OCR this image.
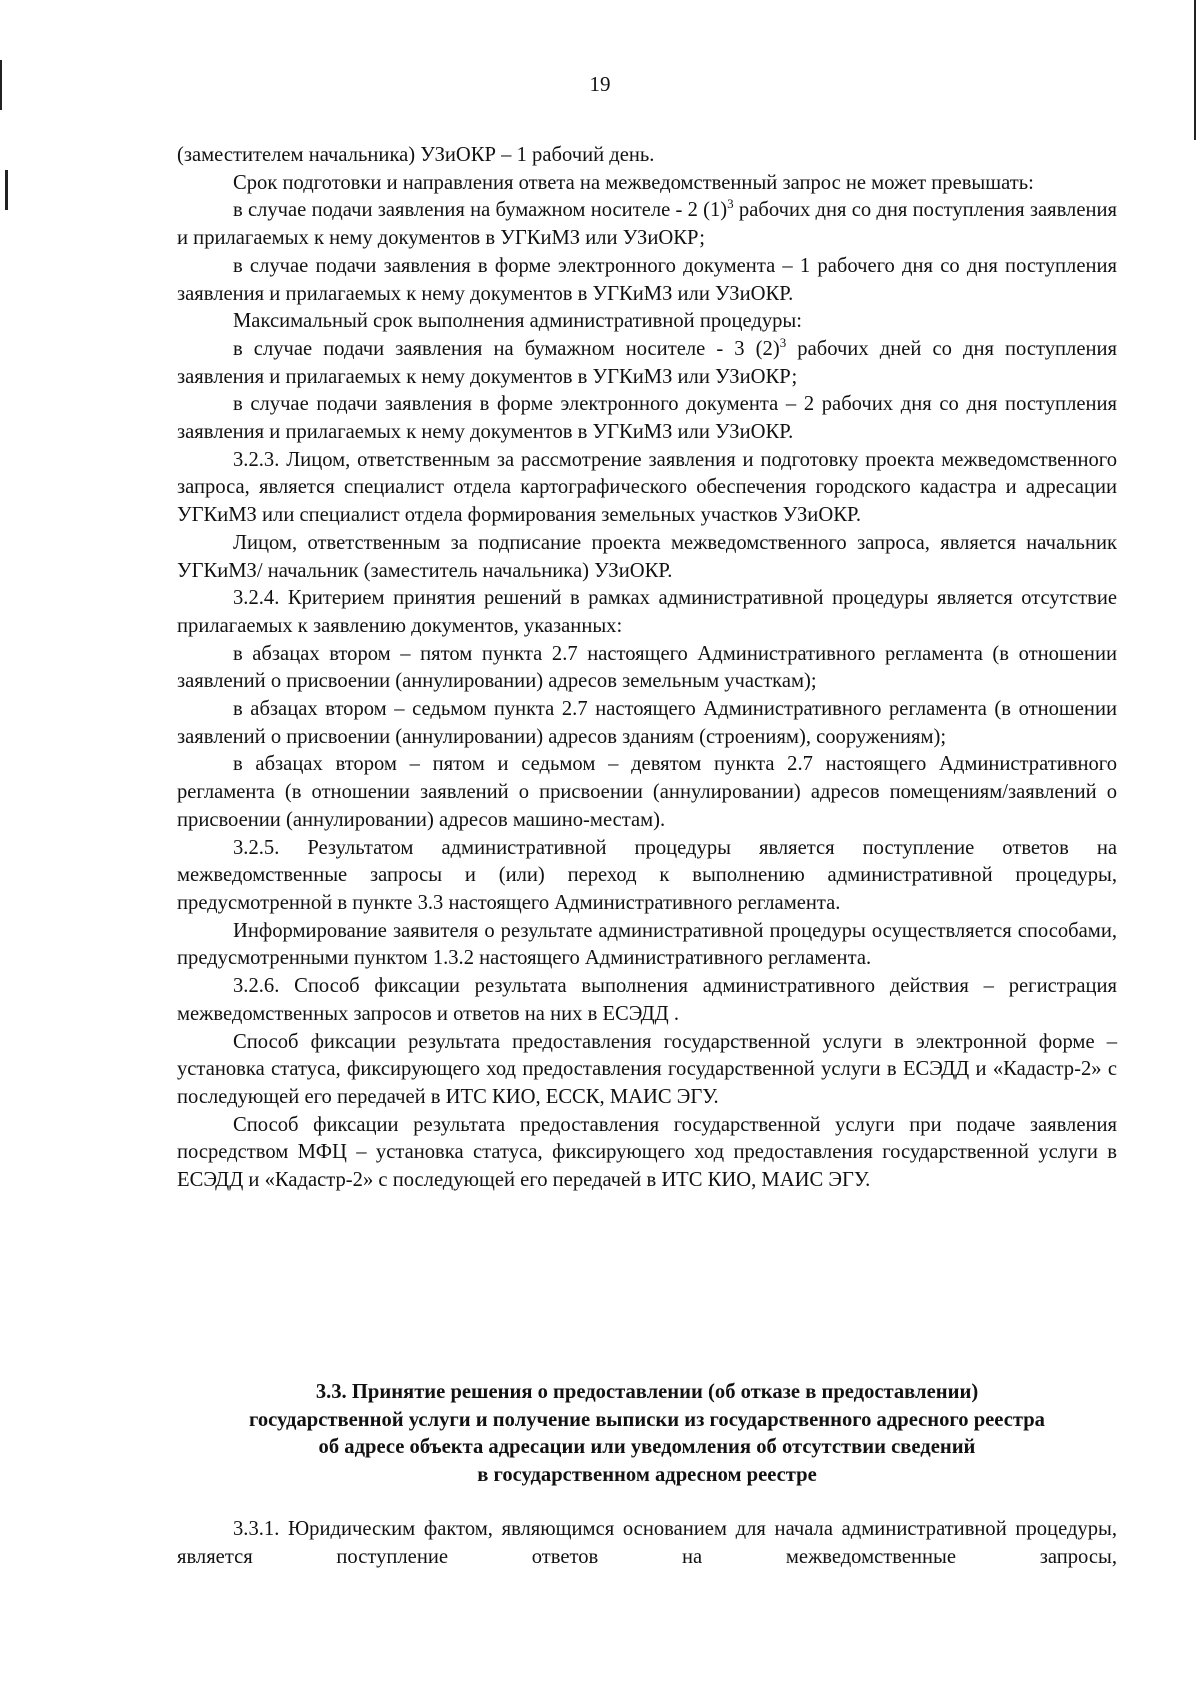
19

(заместителем начальника) УЗиОКР – 1 рабочий день.

Срок подготовки и направления ответа на межведомственный запрос не может превышать:

в случае подачи заявления на бумажном носителе - 2 $(1)^3$ рабочих дня со дня поступления заявления и прилагаемых к нему документов в УГКиМЗ или УЗиОКР;

в случае подачи заявления в форме электронного документа – 1 рабочего дня со дня поступления заявления и прилагаемых к нему документов в УГКиМЗ или УЗиОКР.

Максимальный срок выполнения административной процедуры:

в случае подачи заявления на бумажном носителе - 3 $(2)^3$ рабочих дней со дня поступления заявления и прилагаемых к нему документов в УГКиМЗ или УЗиОКР;

в случае подачи заявления в форме электронного документа – 2 рабочих дня со дня поступления заявления и прилагаемых к нему документов в УГКиМЗ или УЗиОКР.

3.2.3. Лицом, ответственным за рассмотрение заявления и подготовку проекта межведомственного запроса, является специалист отдела картографического обеспечения городского кадастра и адресации УГКиМЗ или специалист отдела формирования земельных участков УЗиОКР.

Лицом, ответственным за подписание проекта межведомственного запроса, является начальник УГКиМЗ/ начальник (заместитель начальника) УЗиОКР.

3.2.4. Критерием принятия решений в рамках административной процедуры является отсутствие прилагаемых к заявлению документов, указанных:

в абзацах втором – пятом пункта 2.7 настоящего Административного регламента (в отношении заявлений о присвоении (аннулировании) адресов земельным участкам);

в абзацах втором – седьмом пункта 2.7 настоящего Административного регламента (в отношении заявлений о присвоении (аннулировании) адресов зданиям (строениям), сооружениям);

в абзацах втором – пятом и седьмом – девятом пункта 2.7 настоящего Административного регламента (в отношении заявлений о присвоении (аннулировании) адресов помещениям/заявлений о присвоении (аннулировании) адресов машино-местам).

3.2.5. Результатом административной процедуры является поступление ответов на межведомственные запросы и (или) переход к выполнению административной процедуры, предусмотренной в пункте 3.3 настоящего Административного регламента.

Информирование заявителя о результате административной процедуры осуществляется способами, предусмотренными пунктом 1.3.2 настоящего Административного регламента.

3.2.6. Способ фиксации результата выполнения административного действия – регистрация межведомственных запросов и ответов на них в ЕСЭДД .

Способ фиксации результата предоставления государственной услуги в электронной форме – установка статуса, фиксирующего ход предоставления государственной услуги в ЕСЭДД и «Кадастр-2» с последующей его передачей в ИТС КИО, ЕССК, МАИС ЭГУ.

Способ фиксации результата предоставления государственной услуги при подаче заявления посредством МФЦ – установка статуса, фиксирующего ход предоставления государственной услуги в ЕСЭДД и «Кадастр-2» с последующей его передачей в ИТС КИО, МАИС ЭГУ.

3.3. Принятие решения о предоставлении (об отказе в предоставлении)
государственной услуги и получение выписки из государственного адресного реестра
об адресе объекта адресации или уведомления об отсутствии сведений
в государственном адресном реестре

3.3.1. Юридическим фактом, являющимся основанием для начала административной процедуры, является поступление ответов на межведомственные запросы,
